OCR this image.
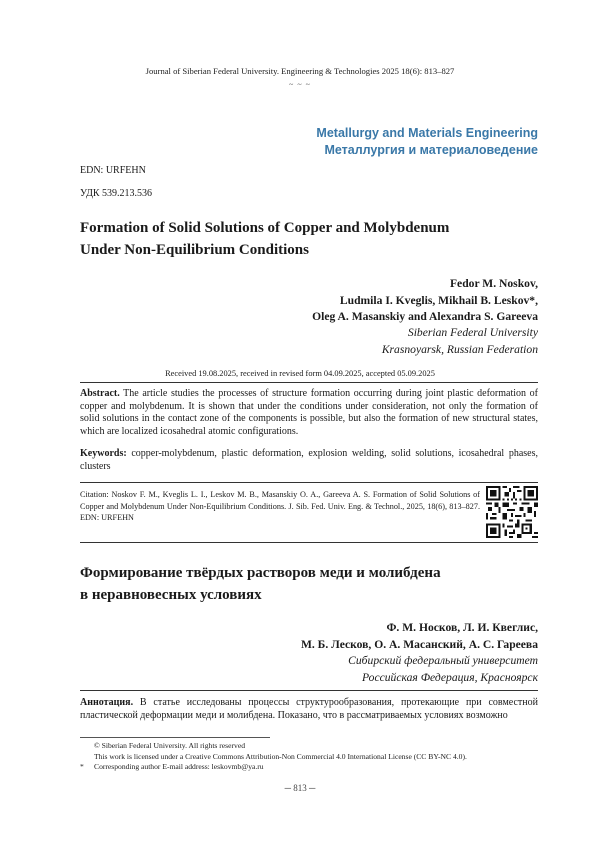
Journal of Siberian Federal University. Engineering & Technologies 2025 18(6): 813–827
~ ~ ~
Metallurgy and Materials Engineering
Металлургия и материаловедение
EDN: URFEHN
УДК 539.213.536
Formation of Solid Solutions of Copper and Molybdenum
Under Non-Equilibrium Conditions
Fedor M. Noskov,
Ludmila I. Kveglis, Mikhail B. Leskov*,
Oleg A. Masanskiy and Alexandra S. Gareeva
Siberian Federal University
Krasnoyarsk, Russian Federation
Received 19.08.2025, received in revised form 04.09.2025, accepted 05.09.2025
Abstract. The article studies the processes of structure formation occurring during joint plastic deformation of copper and molybdenum. It is shown that under the conditions under consideration, not only the formation of solid solutions in the contact zone of the components is possible, but also the formation of new structural states, which are localized icosahedral atomic configurations.
Keywords: copper-molybdenum, plastic deformation, explosion welding, solid solutions, icosahedral phases, clusters
Citation: Noskov F. M., Kveglis L. I., Leskov M. B., Masanskiy O. A., Gareeva A. S. Formation of Solid Solutions of Copper and Molybdenum Under Non-Equilibrium Conditions. J. Sib. Fed. Univ. Eng. & Technol., 2025, 18(6), 813–827. EDN: URFEHN
Формирование твёрдых растворов меди и молибдена
в неравновесных условиях
Ф. М. Носков, Л. И. Квеглис,
М. Б. Лесков, О. А. Масанский, А. С. Гареева
Сибирский федеральный университет
Российская Федерация, Красноярск
Аннотация. В статье исследованы процессы структурообразования, протекающие при совместной пластической деформации меди и молибдена. Показано, что в рассматриваемых условиях возможно
© Siberian Federal University. All rights reserved
This work is licensed under a Creative Commons Attribution-Non Commercial 4.0 International License (CC BY-NC 4.0).
*	Corresponding author E-mail address: leskovmb@ya.ru
─ 813 ─
